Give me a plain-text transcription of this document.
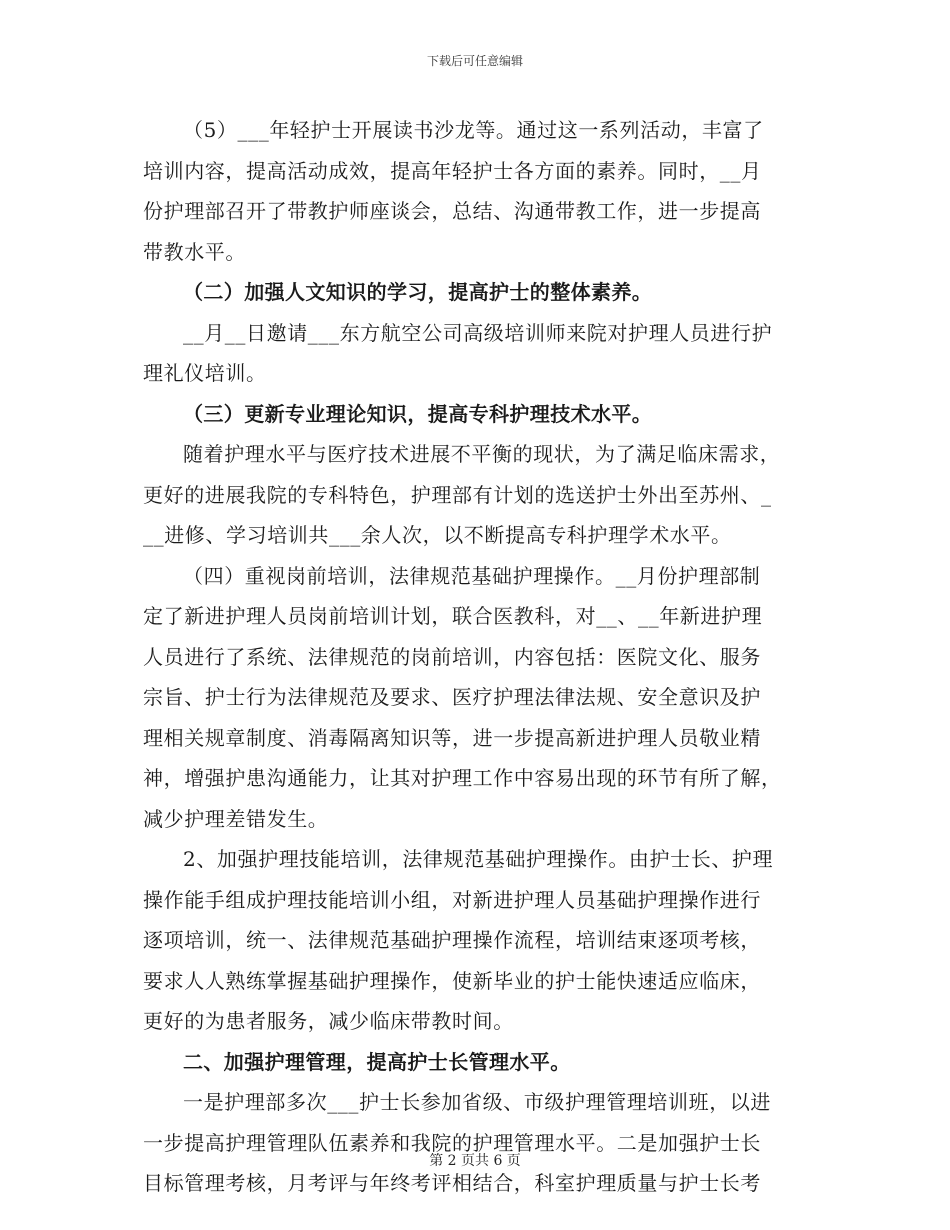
下载后可任意编辑
（5）___年轻护士开展读书沙龙等。通过这一系列活动，丰富了
培训内容，提高活动成效，提高年轻护士各方面的素养。同时，__月
份护理部召开了带教护师座谈会，总结、沟通带教工作，进一步提高
带教水平。
（二）加强人文知识的学习，提高护士的整体素养。
__月__日邀请___东方航空公司高级培训师来院对护理人员进行护
理礼仪培训。
（三）更新专业理论知识，提高专科护理技术水平。
随着护理水平与医疗技术进展不平衡的现状，为了满足临床需求，
更好的进展我院的专科特色，护理部有计划的选送护士外出至苏州、_
__进修、学习培训共___余人次，以不断提高专科护理学术水平。
（四）重视岗前培训，法律规范基础护理操作。__月份护理部制
定了新进护理人员岗前培训计划，联合医教科，对__、__年新进护理
人员进行了系统、法律规范的岗前培训，内容包括：医院文化、服务
宗旨、护士行为法律规范及要求、医疗护理法律法规、安全意识及护
理相关规章制度、消毒隔离知识等，进一步提高新进护理人员敬业精
神，增强护患沟通能力，让其对护理工作中容易出现的环节有所了解，
减少护理差错发生。
2、加强护理技能培训，法律规范基础护理操作。由护士长、护理
操作能手组成护理技能培训小组，对新进护理人员基础护理操作进行
逐项培训，统一、法律规范基础护理操作流程，培训结束逐项考核，
要求人人熟练掌握基础护理操作，使新毕业的护士能快速适应临床，
更好的为患者服务，减少临床带教时间。
二、加强护理管理，提高护士长管理水平。
一是护理部多次___护士长参加省级、市级护理管理培训班，以进
一步提高护理管理队伍素养和我院的护理管理水平。二是加强护士长
目标管理考核，月考评与年终考评相结合，科室护理质量与护士长考
第 2 页共 6 页
